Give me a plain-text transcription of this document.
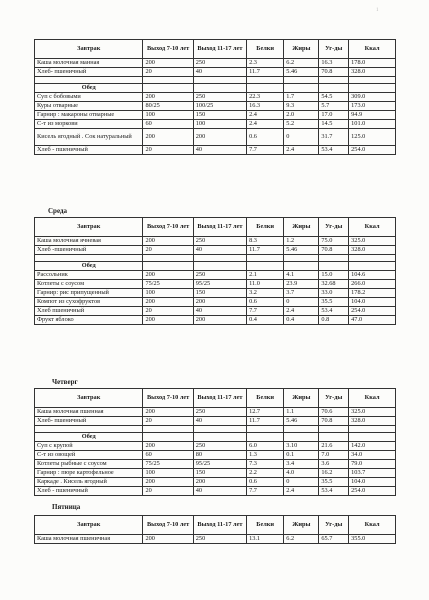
1
Завтрак	Выход 7-10 лет	Выход 11-17 лет	Белки	Жиры	Уг-ды	Ккал
Каша молочная манная	200	250	2.3	6.2	16.3	178.0
Хлеб- пшеничный	20	40	11.7	5.46	70.8	328.0

Обед						
Суп с бобовыми	200	250	22.3	1.7	54.5	309.0
Куры отварные	80/25	100/25	16.3	9.3	5.7	173.0
Гарнир : макароны отварные	100	150	2.4	2.0	17.0	94.9
С-т из моркови	60	100	2.4	5.2	14.5	101.0
Кисель ягодный . Сок натуральный	200	200	0.6	0	31.7	125.0
Хлеб - пшеничный	20	40	7.7	2.4	53.4	254.0
Среда
Завтрак	Выход 7-10 лет	Выход 11-17 лет	Белки	Жиры	Уг-ды	Ккал
Каша молочная ячневая	200	250	8.3	1.2	75.0	325.0
Хлеб -пшеничный	20	40	11.7	5.46	70.8	328.0

Обед						
Рассольник	200	250	2.1	4.1	15.0	104.6
Котлеты с соусом	75/25	95/25	11.0	23.9	32.68	266.0
Гарнир: рис припущенный	100	150	3.2	3.7	33.0	178.2
Компот из сухофруктов	200	200	0.6	0	35.5	104.0
Хлеб пшеничный	20	40	7.7	2.4	53.4	254.0
Фрукт яблоко	200	200	0.4	0.4	0.8	47.0
Четверг
Завтрак	Выход 7-10 лет	Выход 11-17 лет	Белки	Жиры	Уг-ды	Ккал
Каша молочная пшенная	200	250	12.7	1.1	70.6	325.0
Хлеб- пшеничный	20	40	11.7	5.46	70.8	328.0

Обед						
Суп с крупой	200	250	6.0	3.10	21.6	142.0
С-т из овощей	60	80	1.3	0.1	7.0	34.0
Котлеты рыбные с соусом	75/25	95/25	7.3	3.4	3.6	79.0
Гарнир : пюре картофельное	100	150	2.2	4.0	16.2	103.7
Каркаде . Кисель ягодный	200	200	0.6	0	35.5	104.0
Хлеб - пшеничный	20	40	7.7	2.4	53.4	254.0
Пятница
Завтрак	Выход 7-10 лет	Выход 11-17 лет	Белки	Жиры	Уг-ды	Ккал
Каша молочная пшеничная	200	250	13.1	6.2	65.7	355.0
